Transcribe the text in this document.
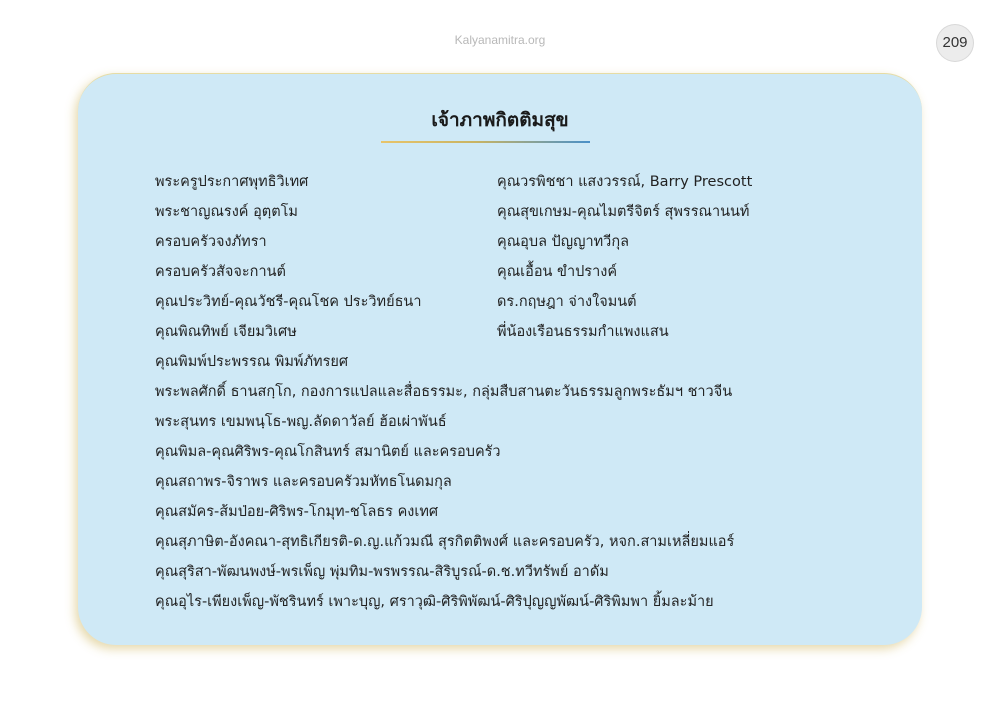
Kalyanamitra.org	209
เจ้าภาพกิตติมสุข
พระครูประกาศพุทธิวิเทศ
พระชาญณรงค์ อุตฺตโม
ครอบครัวจงภัทรา
ครอบครัวสัจจะกานต์
คุณประวิทย์-คุณวัชรี-คุณโชค ประวิทย์ธนา
คุณพิณทิพย์ เจียมวิเศษ
คุณพิมพ์ประพรรณ พิมพ์ภัทรยศ
คุณวรพิชชา แสงวรรณ์, Barry Prescott
คุณสุขเกษม-คุณไมตรีจิตร์ สุพรรณานนท์
คุณอุบล ปัญญาทวีกุล
คุณเอื้อน ขำปรางค์
ดร.กฤษฎา จ่างใจมนต์
พี่น้องเรือนธรรมกำแพงแสน
พระพลศักดิ์ ธานสกฺโก, กองการแปลและสื่อธรรมะ, กลุ่มสืบสานตะวันธรรมลูกพระธัมฯ ชาวจีน
พระสุนทร เขมพนฺโธ-พญ.ลัดดาวัลย์ ฮ้อเผ่าพันธ์
คุณพิมล-คุณศิริพร-คุณโกสินทร์ สมานิตย์ และครอบครัว
คุณสถาพร-จิราพร และครอบครัวมหัทธโนดมกุล
คุณสมัคร-ส้มป่อย-ศิริพร-โกมุท-ชโลธร คงเทศ
คุณสุภาษิต-อังคณา-สุทธิเกียรติ-ด.ญ.แก้วมณี สุรกิตติพงศ์ และครอบครัว, หจก.สามเหลี่ยมแอร์
คุณสุริสา-พัฒนพงษ์-พรเพ็ญ พุ่มทิม-พรพรรณ-สิริบูรณ์-ด.ช.ทวีทรัพย์ อาดัม
คุณอุไร-เพียงเพ็ญ-พัชรินทร์ เพาะบุญ, ศราวุฒิ-ศิริพิพัฒน์-ศิริปุญญพัฒน์-ศิริพิมพา ยิ้มละม้าย
